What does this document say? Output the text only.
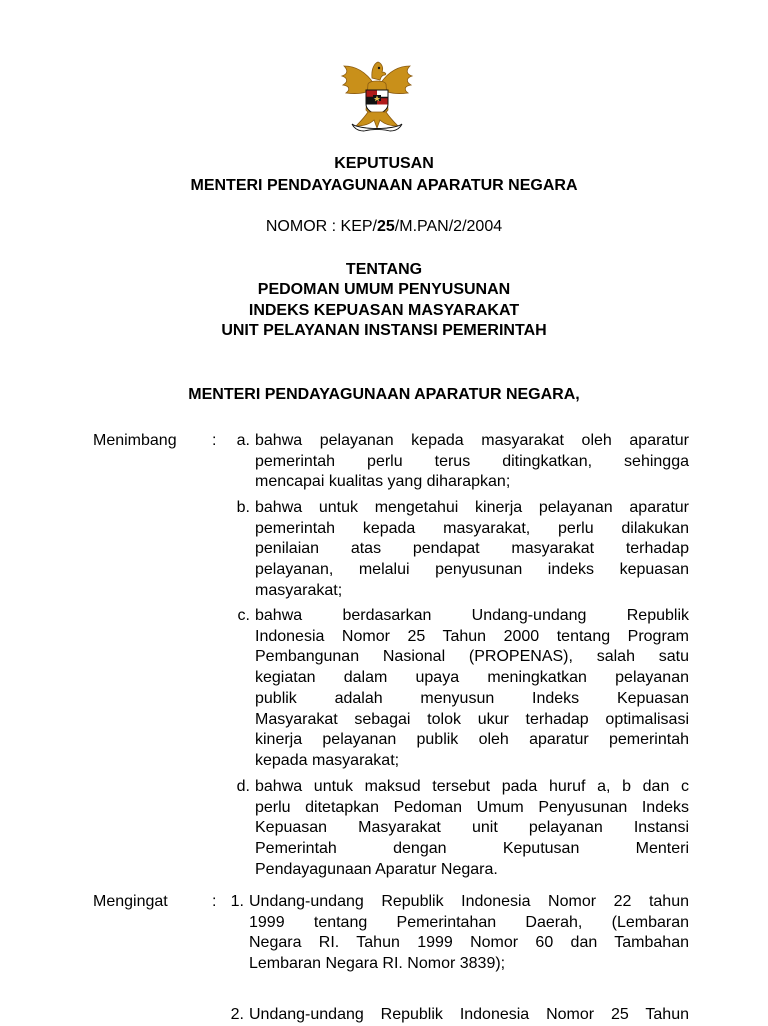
KEPUTUSAN
MENTERI PENDAYAGUNAAN APARATUR NEGARA
NOMOR : KEP/25/M.PAN/2/2004
TENTANG
PEDOMAN UMUM PENYUSUNAN
INDEKS KEPUASAN MASYARAKAT
UNIT PELAYANAN INSTANSI PEMERINTAH
MENTERI PENDAYAGUNAAN APARATUR NEGARA,
Menimbang :	a. bahwa pelayanan kepada masyarakat oleh aparatur
pemerintah perlu terus ditingkatkan, sehingga
mencapai kualitas yang diharapkan;
b. bahwa untuk mengetahui kinerja pelayanan aparatur
pemerintah kepada masyarakat, perlu dilakukan
penilaian atas pendapat masyarakat terhadap
pelayanan, melalui penyusunan indeks kepuasan
masyarakat;
c. bahwa berdasarkan Undang-undang Republik
Indonesia Nomor 25 Tahun 2000 tentang Program
Pembangunan Nasional (PROPENAS), salah satu
kegiatan dalam upaya meningkatkan pelayanan
publik adalah menyusun Indeks Kepuasan
Masyarakat sebagai tolok ukur terhadap optimalisasi
kinerja pelayanan publik oleh aparatur pemerintah
kepada masyarakat;
d. bahwa untuk maksud tersebut pada huruf a, b dan c
perlu ditetapkan Pedoman Umum Penyusunan Indeks
Kepuasan Masyarakat unit pelayanan Instansi
Pemerintah dengan Keputusan Menteri
Pendayagunaan Aparatur Negara.
Mengingat	: 1. Undang-undang Republik Indonesia Nomor 22 tahun
1999 tentang Pemerintahan Daerah, (Lembaran
Negara RI. Tahun 1999 Nomor 60 dan Tambahan
Lembaran Negara RI. Nomor 3839);
2. Undang-undang Republik Indonesia Nomor 25 Tahun
